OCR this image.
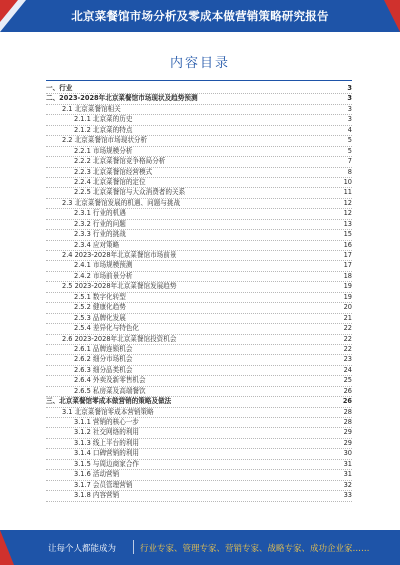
北京菜餐馆市场分析及零成本做营销策略研究报告
内容目录
一、行业	3
二、2023-2028年北京菜餐馆市场现状及趋势预测	3
2.1 北京菜餐馆相关	3
2.1.1 北京菜的历史	3
2.1.2 北京菜的特点	4
2.2 北京菜餐馆市场现状分析	5
2.2.1 市场规模分析	5
2.2.2 北京菜餐馆竞争格局分析	7
2.2.3 北京菜餐馆经营模式	8
2.2.4 北京菜餐馆的定位	10
2.2.5 北京菜餐馆与大众消费者的关系	11
2.3 北京菜餐馆发展的机遇、问题与挑战	12
2.3.1 行业的机遇	12
2.3.2 行业的问题	13
2.3.3 行业的挑战	15
2.3.4 应对策略	16
2.4 2023-2028年北京菜餐馆市场前景	17
2.4.1 市场规模预测	17
2.4.2 市场前景分析	18
2.5 2023-2028年北京菜餐馆发展趋势	19
2.5.1 数字化转型	19
2.5.2 健康化趋势	20
2.5.3 品牌化发展	21
2.5.4 差异化与特色化	22
2.6 2023-2028年北京菜餐馆投资机会	22
2.6.1 品牌连锁机会	22
2.6.2 细分市场机会	23
2.6.3 细分品类机会	24
2.6.4 外卖及新零售机会	25
2.6.5 私房菜及高端餐饮	26
三、北京菜餐馆零成本做营销的策略及做法	26
3.1 北京菜餐馆零成本营销策略	28
3.1.1 营销的核心一步	28
3.1.2 社交网络的利用	29
3.1.3 线上平台的利用	29
3.1.4 口碑营销的利用	30
3.1.5 与周边商家合作	31
3.1.6 活动营销	31
3.1.7 会员管理营销	32
3.1.8 内容营销	33
让每个人都能成为	行业专家、管理专家、营销专家、战略专家、成功企业家……
